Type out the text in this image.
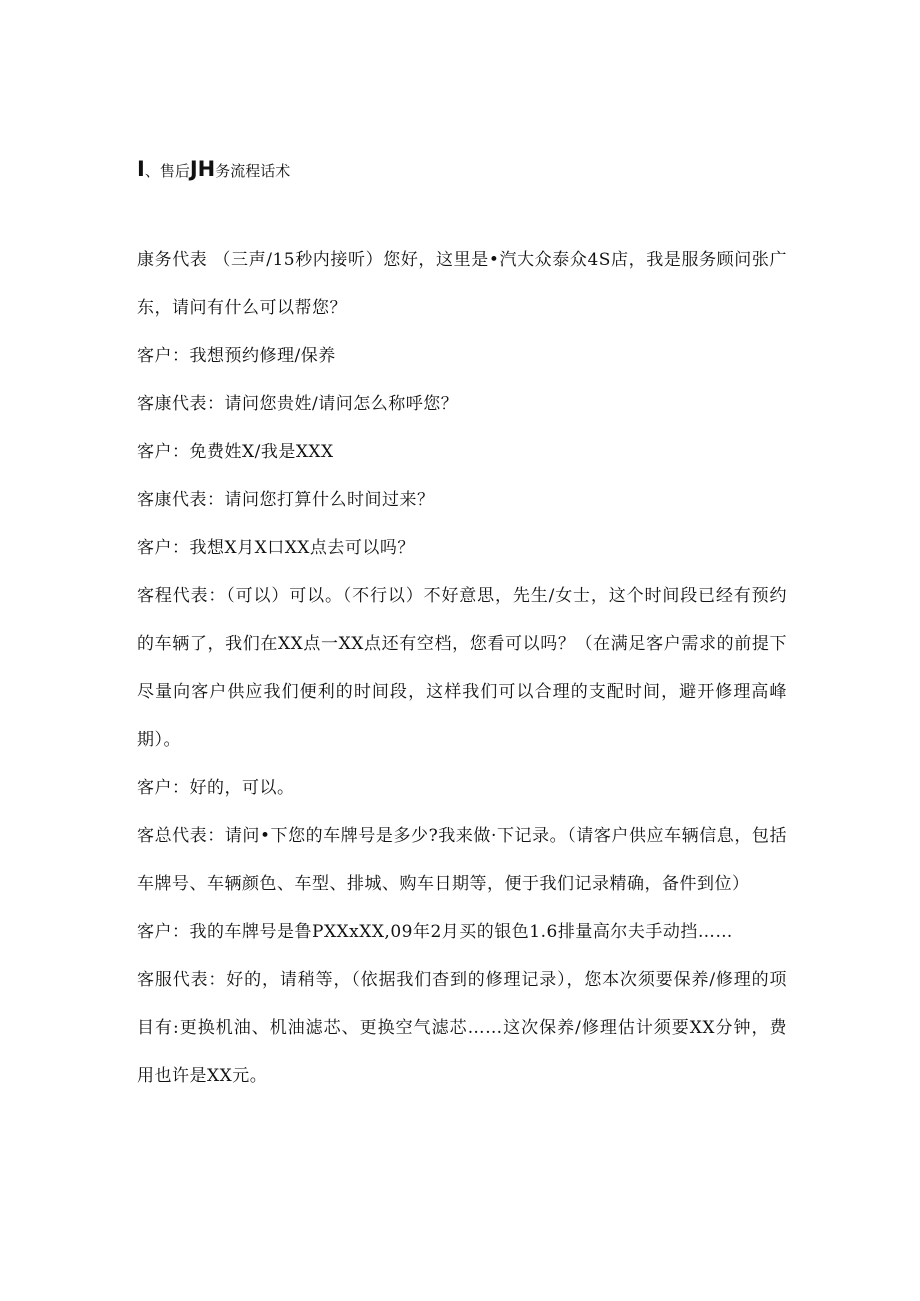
I、售后JH务流程话术

康务代表 （三声/15秒内接听）您好，这里是•汽大众泰众4S店，我是服务顾问张广东，请问有什么可以帮您？

客户：我想预约修理/保养

客康代表：请问您贵姓/请问怎么称呼您？

客户：免费姓X/我是XXX

客康代表：请问您打算什么时间过来？

客户：我想X月X口XX点去可以吗？

客程代表：（可以）可以。（不行以）不好意思，先生/女士，这个时间段已经有预约的车辆了，我们在XX点一XX点还有空档，您看可以吗？（在满足客户需求的前提下尽量向客户供应我们便利的时间段，这样我们可以合理的支配时间，避开修理高峰期）。

客户：好的，可以。

客总代表：请问•下您的车牌号是多少?我来做·下记录。（请客户供应车辆信息，包括车牌号、车辆颜色、车型、排城、购车日期等，便于我们记录精确，备件到位）

客户：我的车牌号是鲁PXXxXX,09年2月买的银色1.6排量高尔夫手动挡……

客服代表：好的，请稍等，（依据我们杳到的修理记录），您本次须要保养/修理的项目有:更换机油、机油滤芯、更换空气滤芯……这次保养/修理估计须要XX分钟，费用也许是XX元。
